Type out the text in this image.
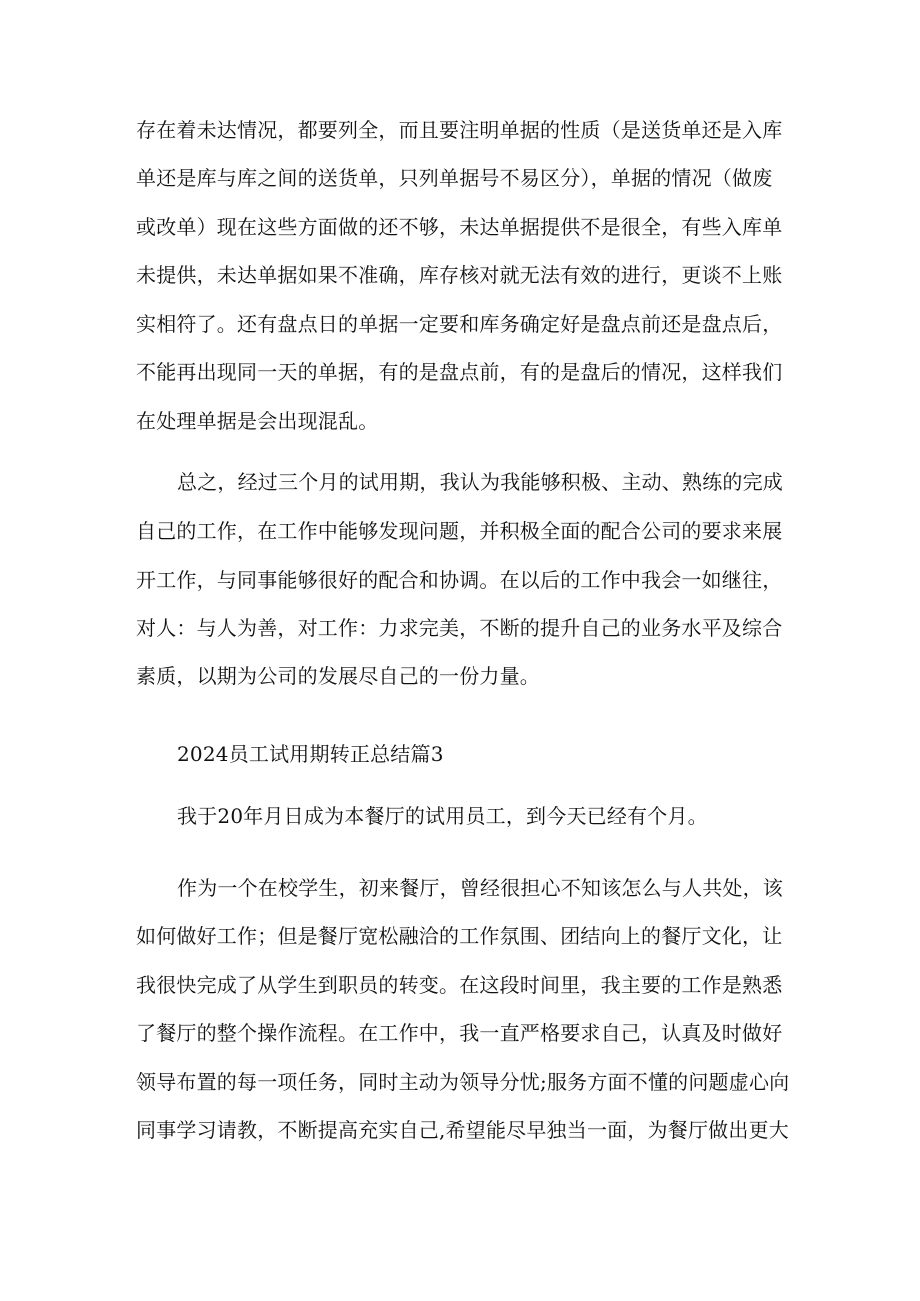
存在着未达情况，都要列全，而且要注明单据的性质（是送货单还是入库
单还是库与库之间的送货单，只列单据号不易区分），单据的情况（做废
或改单）现在这些方面做的还不够，未达单据提供不是很全，有些入库单
未提供，未达单据如果不准确，库存核对就无法有效的进行，更谈不上账
实相符了。还有盘点日的单据一定要和库务确定好是盘点前还是盘点后，
不能再出现同一天的单据，有的是盘点前，有的是盘后的情况，这样我们
在处理单据是会出现混乱。
总之，经过三个月的试用期，我认为我能够积极、主动、熟练的完成
自己的工作，在工作中能够发现问题，并积极全面的配合公司的要求来展
开工作，与同事能够很好的配合和协调。在以后的工作中我会一如继往，
对人：与人为善，对工作：力求完美，不断的提升自己的业务水平及综合
素质，以期为公司的发展尽自己的一份力量。
2024员工试用期转正总结篇3
我于20年月日成为本餐厅的试用员工，到今天已经有个月。
作为一个在校学生，初来餐厅，曾经很担心不知该怎么与人共处，该
如何做好工作；但是餐厅宽松融洽的工作氛围、团结向上的餐厅文化，让
我很快完成了从学生到职员的转变。在这段时间里，我主要的工作是熟悉
了餐厅的整个操作流程。在工作中，我一直严格要求自己，认真及时做好
领导布置的每一项任务，同时主动为领导分忧;服务方面不懂的问题虚心向
同事学习请教，不断提高充实自己,希望能尽早独当一面，为餐厅做出更大
